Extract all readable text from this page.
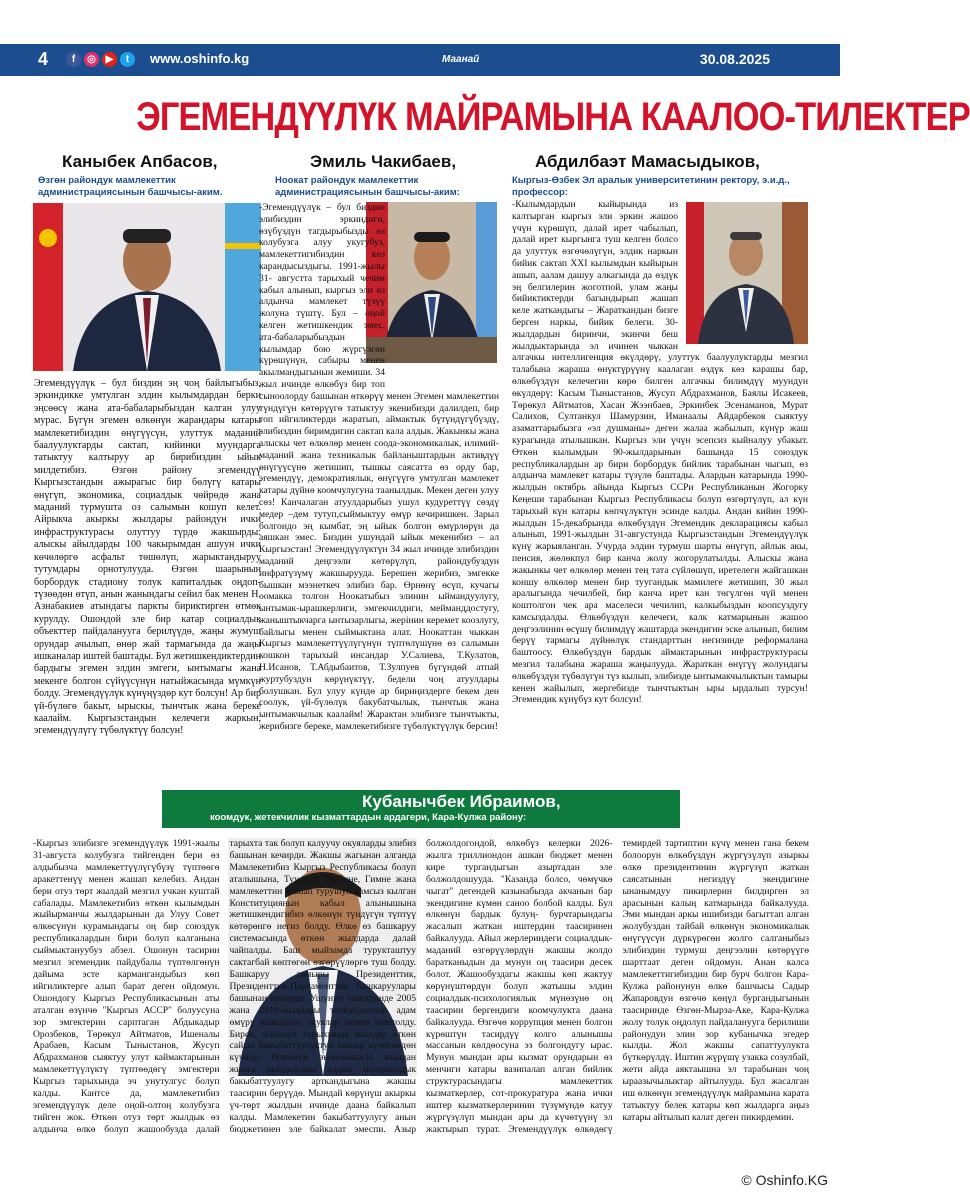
4	f	◎ ▶	t	www.oshinfo.kg	Маанай	30.08.2025
ЭГЕМЕНДҮҮЛҮК МАЙРАМЫНА КААЛОО-ТИЛЕКТЕР
Каныбек Апбасов,
Өзгөн райондук мамлекеттик администрациясынын башчысы-аким.
Эгемендүүлүк – бул биздин эң чоң байлыгыбыз, эркиндикке умтулган элдин кылымдардан берки эңсөөсү жана ата-бабаларыбыздан калган улуу мурас. Бүгүн эгемен өлкөнүн жарандары катары мамлекетибиздин өнүгүүсүн, улуттук маданий баалуулуктарды сактап, кийинки муундарга татыктуу калтыруу ар бирибиздин ыйык милдетибиз. Өзгөн району эгемендүү Кыргызстандын ажырагыс бир бөлүгү катары өнүгүп, экономика, социалдык чөйрөдө жана маданий турмушта оз салымын кошуп келет. Айрыкча акыркы жылдары райондун ички инфраструктурасы олуттуу түрдө жакшырды: алыскы айылдарды 100 чакырымдан ашуун ички көчөлөргө асфальт төшөлүп, жарыктандыруу тутумдары орнотулууда. Өзгөн шаарынын борбордук стадиону толук капиталдык оңдоп-түзөөдөн өтүп, анын жанындагы сейил бак менен Н. Азнабакиев атындагы паркты бириктирген өтмөк курулду. Ошондой эле бир катар социалдык объекттер пайдаланууга берилүүдө, жаңы жумуш орундар ачылып, өнөр жай тармагында да жаңы ишканалар иштей баштады. Бул жетишкендиктердин бардыгы эгемен элдин эмгеги, ынтымагы жана мекенге болгон сүйүүсүнүн натыйжасында мүмкүн болду. Эгемендүүлүк күнүңүздөр кут болсун! Ар бир үй-бүлөгө бакыт, ырыскы, тынчтык жана береке каалайм. Кыргызстандын келечеги жаркын, эгемендүүлүгү түбөлүктүү болсун!
Эмиль Чакибаев,
Ноокат райондук мамлекеттик администрациясынын башчысы-аким:
-Эгемендүүлүк – бул биздин элибиздин эркиндиги, өзүбүздүн тагдырыбызды өз колубузга алуу укугубуз, мамлекеттигибиздин көз карандысыздыгы. 1991-жылы 31- августта тарыхый чечим кабыл алынып, кыргыз эли өз алдынча мамлекет түзүү жолуна түштү. Бул – оңой келген жетишкендик эмес, ата-бабаларыбыздын кылымдар бою жүргүзгөн күрөшүнүн, сабыры менен акылмандыгынын жемиши. 34 жыл ичинде өлкөбүз бир топ сыноолорду башынан өткөрүү менен Эгемен мамлекеттин түндүгүн көтөрүүгө татыктуу экенибизди далилдеп, бир топ ийгиликтерди жаратып, аймактык бүтүндүгүбүздү, элибиздин биримдигин сактап кала алдык. Жакынкы жана алыскы чет өлкөлөр менен соода-экономикалык, илимий- маданий жана техникалык байланыштардын активдүү өнүгүүсүнө жетишип, тышкы саясатта өз орду бар, эгемендүү, демократиялык, өнүгүүгө умтулган мамлекет катары дүйнө коомчулугуна таанылдык. Мекен деген улуу сөз! Канчалаган атуулдарыбыз ушул кудуреттүү сөздү медер –дем тутуп,сыймыктуу өмүр кечиришкен. Зарыл болгондо эң кымбат, эң ыйык болгон өмүрлөрүн да аяшкан эмес. Биздин ушундай ыйык мекенибиз – ал Кыргызстан! Эгемендүүлүктүн 34 жыл ичинде элибиздин маданий деңгээли көтөрүлүп, райондубуздун инфратүзүмү жакшырууда. Берешен жерибиз, эмгекке бышкан мээнеткеч элибиз бар. Өрнөнү өсүп, кучагы оомакка толгон Ноокатыбыз элинин ыймандуулугу, ынтымак-ырашкерлиги, эмгекчилдиги, мейманддостугу, жаныштыкчарга ынтызарлыгы, жерінин керемет коозлугу, байлыгы менен сыймыктана алат. Ноокаттан чыккан Кыргыз мамлекеттүүлүгүнүн түптөлүшүнө өз салымын кошкон тарыхый инсандар У.Салиева, Т.Кулатов, Н.Исанов, Т.Абдыбаитов, Т.Зулпуев бүгүндөй атпай журтубуздун көрүнүктүү, бедели чоң атуулдары болушкан. Бул улуу күндө ар бириңиздерге бекем ден соолук, үй-бүлөлүк бакубатчылык, тынчтык жана ынтымакчылык каалайм! Жарактан элибизге тынчтыкты, жерибизге береке, мамлекетибизге түбөлүктүүлүк берсин!
Абдилбаэт Мамасыдыков,
Кыргыз-Өзбек Эл аралык университетинин ректору, э.и.д., профессор:
-Кылымдардын кыйырында из калтырган кыргыз эли эркин жашоо үчүн күрөшүп, далай ирет чабылып, далай ирет кыргынга туш келген болсо да улуттук өзгөчөлүгүн, элдик наркын бийик сактап XXI кылымдын кыйырын ашып, аалам дашуу алкагында да өздүк эң белгилерин жоготпой, улам жаңы бийиктиктерди багындырып жашап келе жаткандыгы – Жараткандын бизге берген наркы, бийик белеги. 30-жылдардын биринчи, экинчи беш жылдыктарында эл ичинен чыккан алгачкы интеллигенция өкүлдөрү, улуттук баалуулуктарды мезгил талабына жараша өнүктүрүүнү каалаган өздүк көз карашы бар, өлкөбүздүн келечегин көрө билген алгачкы билимдүү муундун өкүлдөрү: Касым Тыныстанов, Жусуп Абдрахманов, Баялы Исакеев, Төрөкул Айтматов, Хасан Жээнбаев, Эркинбек Эсенаманов, Мурат Салихов, Султанкул Шамурзин, Иманаалы Айдарбеков сыяктуу азаматтарыбызга «эл душманы» деген жалаа жабылып, күнүр жаш курагында атылышкан. Кыргыз эли үчүн эсепсиз кыйналуу убакыт. Өткөн кылымдын 90-жылдарынын башында 15 союздук республикалардын ар бири борбордук бийлик тарабынан чыгып, өз алдынча мамлекет катары түзүлө баштады. Алардын катарында 1990-жылдын октябрь айында Кыргыз ССРи Республиканын Жогорку Кеңеши тарабынан Кыргыз Республикасы болуп өзгөртүлүп, ал күн тарыхый күн катары көпчүлүктүн эсинде калды. Андан кийин 1990-жылдын 15-декабрында өлкөбүздүн Эгемендик декларациясы кабыл алынып, 1991-жылдын 31-августунда Кыргызстандын Эгемендүүлүк күнү жарыяланган. Учурда элдин турмуш шарты өнүгүп, айлык акы, пенсия, жөлөкпул бир канча жолу жогорулатылды. Алыскы жана жакынкы чет өлкөлөр менен тең тата сүйлөшүп, иретелеги жайгашкан коншу өлкөлөр менен бир туугандык мамилеге жетишип, 30 жыл аралыгында чечилбей, бир канча ирет кан төгүлгөн чүй менен коштолгон чек ара маселеси чечилип, калкыбыздын коопсуздугу камсыздалды. Өлкөбүздүн келечеги, калк катмарынын жашоо деңгээлинин өсүшү билимдүү жаштарда экендигин эске алынып, билим берүү тармагы дүйнөлүк стандарттын негизинде реформалана баштоосу. Өлкөбүздүн бардык аймактарынын инфраструктурасы мезгил талабына жараша жаңылууда. Жараткан өнүгүү жолундагы өлкөбүздүн түбөлүгүн түз кылып, элибизде ынтымакчылыктын тамыры кенен жайылып, жергебизде тынчтыктын ыры ырдалып турсун! Эгемендик күнүбүз кут болсун!
Кубанычбек Ибраимов,
коомдук, жетекчилик кызматтардын ардагери, Кара-Кулжа району:
-Кыргыз элибизге эгемендүүлүк 1991-жылы 31-августа колубузга тийгенден бери өз алдыбызча мамлекеттүүлүгүбүзү түптөөгө аракеттенүү менен жашап келебиз. Андан бери отуз төрт жылдай мезгил учкан куштай сабалады. Мамлекетибиз өткөн кылымдын жыйырманчы жылдарынын да Улуу Совет өлкөсүнүн курамындагы оң бир союздук республикалардын бири болуп калганына сыймыктануубуз абзел. Ошонун тасирин мезгил эгемендик пайдубалы түптөлгөнүн дайыма эсте кармангандыбыз көп ийгиликтерге алып барат деген ойдомун. Ошондогу Кыргыз Республикасынын аты аталган өзүнчө "Кыргыз АССР" болуусуна зор эмгектерин сарптаган Абдыкадыр Орозбеков, Төрөкул Айтматов, Ишеналы Арабаев, Касым Тыныстанов, Жусуп Абдрахманов сыяктуу улут каймактарынын мамлекеттүүлүктү түптөөдөгү эмгектери Кыргыз тарыхында эч унутулгус болуп калды. Кантсе да, мамлекетибиз эгемендүүлүк деле оңой-олтоң колубузга тийген жок. Өткөн отуз төрт жылдык өз алдынча өлкө болуп жашообузда далай тарыхта так болуп калуучу окуяларды элибиз башынан кечирди. Жакшы жагынан алганда Мамлекетибиз Кыргыз Республикасы болуп аталышына, Туусуна, Гербине, Гимне жана мамлекеттин жашап турушун камсыз кылган Конституциянын кабыл алынышына жетишкендигибиз өлкөнүн түндүгүн түптүү көтөрөнгө негиз болду. Өлкө өз башкаруу системасында өткөн жылдарда далай чайпалды. Баш мыйзамда турукташтуу сактагбай көптөгөн өзгөрүүлөргө туш болду. Башкаруу тамыры Президенттик, Президенттик-Парламенттик башкаруулары башынан кечирди. Ушунун таасиринде 2005 жана 2010-жылдары толкундоолор адам өмүрү кыйылган окуялар менен коштолду. Бирок, өлкөнүн тарыхында жылдар өткөн сайын бакыбаттуулуктун таасир күчөгөндөн күчөдү. Өлкөнүн экономикасы жылдан жылга чыңдалганы элдин материалдык бакыбаттуулугу арткандыгына жакшы таасирин берүүдө. Мындай көрүнүш акыркы үч-төрт жылдын ичинде даана байкалып калды. Мамлекетин бакыбаттуулугу анын бюджетинен эле байкалат эмеспи. Азыр болжолдогондой, өлкөбүз келерки 2026-жылга триллиондон ашкан бюджет менен кире тургандыгын азыртадан эле болжолдошууда. "Казанда болсо, чөмүчкө чыгат" дегендей казынабызда акчанын бар экендигине күмөн саноо болбой калды. Бул өлкөнүн бардык булуң- бурчтарындагы жасалып жаткан иштердин таасиринен байкалууда. Айыл жерлериндеги социалдык- маданий өзгөрүүлөрдүн жакшы жолдо баратканыдын да мунун оң таасири десек болот. Жашообуздагы жакшы көп жактуу көрүнүштөрдүн болуп жатышы элдин социалдык-психологиялык мүнөзүнө оң таасирин бергендиги коомчулукта даана байкалууда. Өзгөчө коррупция менен болгон күрөштүн тасирдүү колго алынышы массанын көлдөосуна эз болгондугу ырас. Мунун мындан ары кызмат орундарын өз менчиги катары вазипалап алган бийлик структурасындагы мамлекеттик кызматкерлер, сот-прокуратура жана ички иштер кызматкерлеринин түзүмүндө катуу жүргүзүлүп мындан ары да күчөтүүнү эл жактырып турат. Эгемендүүлүк өлкөдөгү темирдей тартиптин күчү менен гана бекем болоорун өлкөбүздүн жүргүзүлүп азыркы өлкө президентинин жүргүзүп жаткан саясатынын негиздүү экендигине ынанымдуу пикирлерин билдирген эл арасынын калың катмарында байкалууда. Эми мындан аркы ишибизди багыттап алган жолубуздан тайбай өлкөнүн экономикалык өнүгүүсүн дүркүрөгөн жолго салганыбыз элибиздин турмуш деңгээлин көтөрүүгө шарттаат деген ойдомун. Анан калса мамлекеттигибиздин бир бурч болгон Кара-Кулжа районунун өлкө башчысы Садыр Жапаровдун өзгөчө көңүл бургандыгынын таасиринде Өзгөн-Мырза-Аке, Кара-Кулжа жолу толук оңдолуп пайдаланууга берилиши районудун элин зор кубанычка эгедер кылды. Жол жакшы сапаттуулукта бүткөрүлдү. Иштин жүрүшү узакка созулбай, жети айда аяктаышна эл тарабынан чоң ыраазычылыктар айтылууда. Бул жасалган иш өлкөнүн эгемендүүлүк майрамына карата татыктуу белек катары көп жылдарга аңыз катары айтылып калат деген пикирдемин.
© Oshinfo.KG
